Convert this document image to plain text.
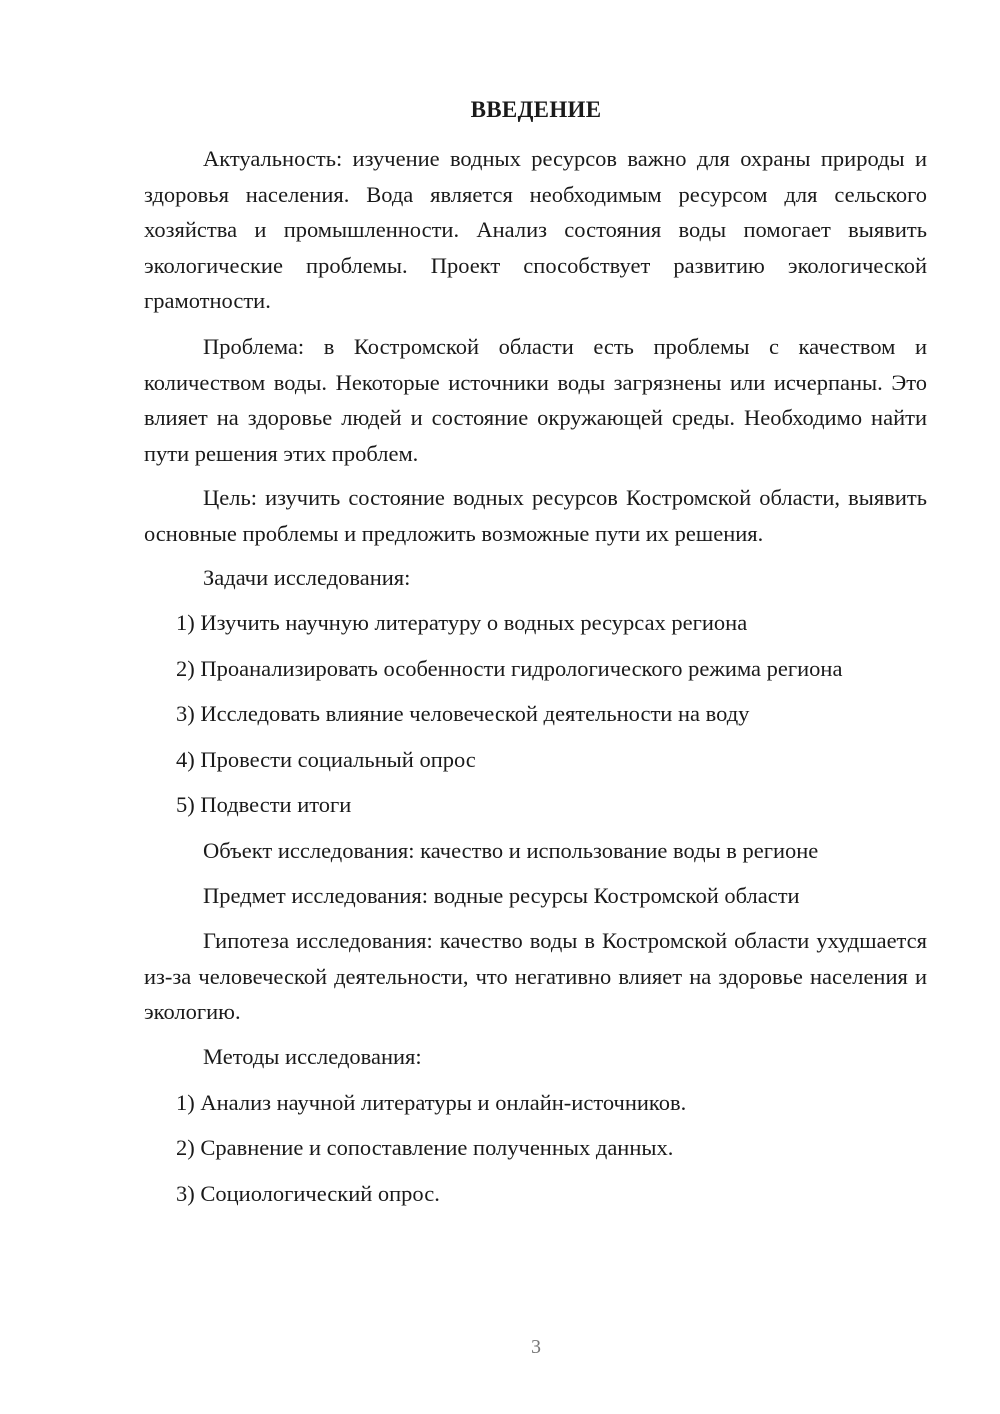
ВВЕДЕНИЕ

Актуальность: изучение водных ресурсов важно для охраны природы и здоровья населения. Вода является необходимым ресурсом для сельского хозяйства и промышленности. Анализ состояния воды помогает выявить экологические проблемы. Проект способствует развитию экологической грамотности.

Проблема: в Костромской области есть проблемы с качеством и количеством воды. Некоторые источники воды загрязнены или исчерпаны. Это влияет на здоровье людей и состояние окружающей среды. Необходимо найти пути решения этих проблем.

Цель: изучить состояние водных ресурсов Костромской области, выявить основные проблемы и предложить возможные пути их решения.

Задачи исследования:
1) Изучить научную литературу о водных ресурсах региона
2) Проанализировать особенности гидрологического режима региона
3) Исследовать влияние человеческой деятельности на воду
4) Провести социальный опрос
5) Подвести итоги
Объект исследования: качество и использование воды в регионе
Предмет исследования: водные ресурсы Костромской области

Гипотеза исследования: качество воды в Костромской области ухудшается из-за человеческой деятельности, что негативно влияет на здоровье населения и экологию.

Методы исследования:
1) Анализ научной литературы и онлайн-источников.
2) Сравнение и сопоставление полученных данных.
3) Социологический опрос.
3
